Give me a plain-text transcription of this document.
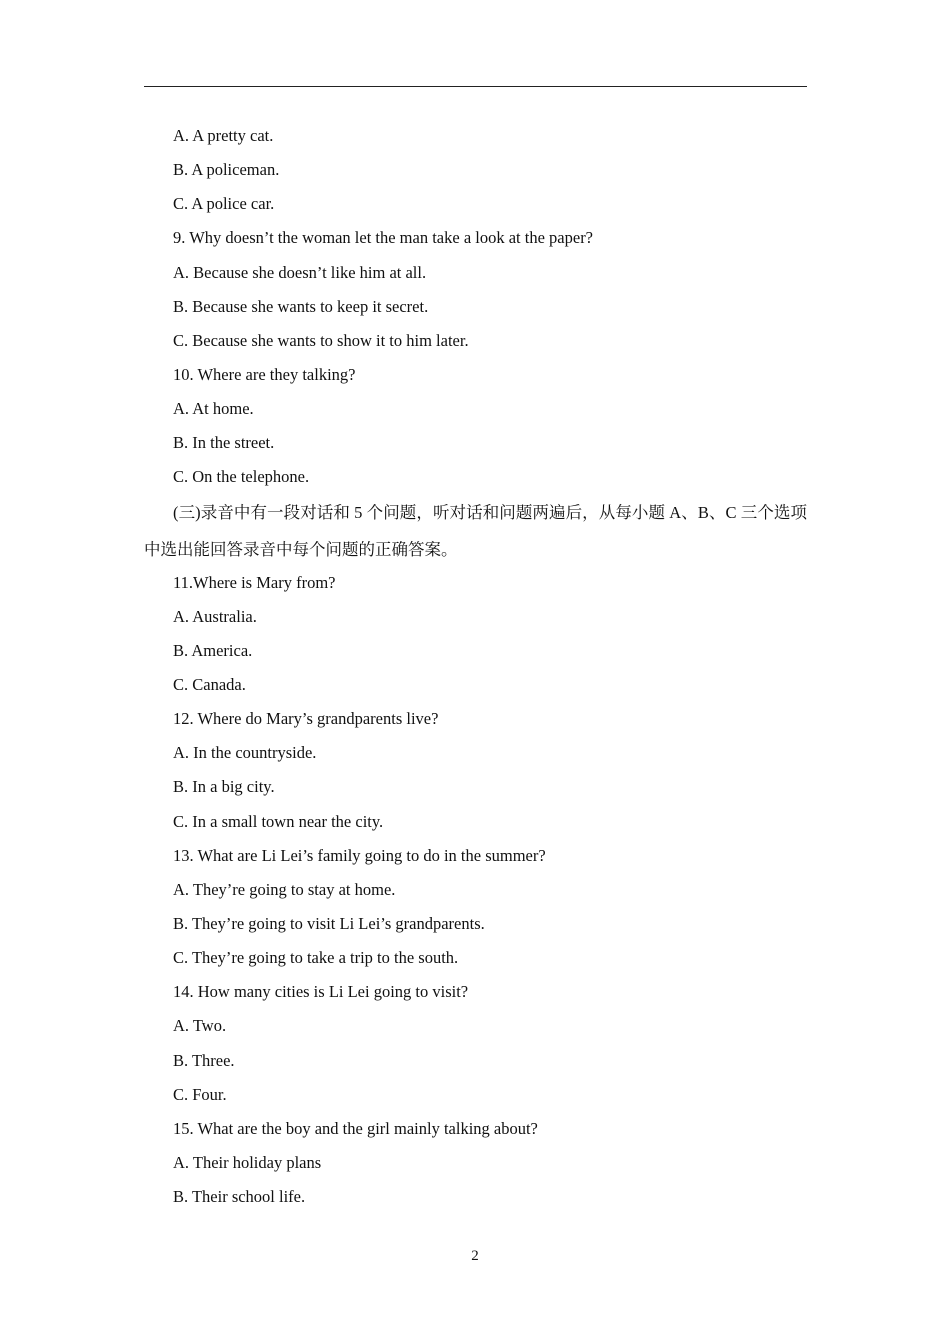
A. A pretty cat.
B. A policeman.
C. A police car.
9. Why doesn’t the woman let the man take a look at the paper?
A. Because she doesn’t like him at all.
B. Because she wants to keep it secret.
C. Because she wants to show it to him later.
10. Where are they talking?
A. At home.
B. In the street.
C. On the telephone.
(三)录音中有一段对话和 5 个问题，听对话和问题两遍后，从每小题 A、B、C 三个选项中选出能回答录音中每个问题的正确答案。
11.Where is Mary from?
A. Australia.
B. America.
C. Canada.
12. Where do Mary’s grandparents live?
A. In the countryside.
B. In a big city.
C. In a small town near the city.
13. What are Li Lei’s family going to do in the summer?
A. They’re going to stay at home.
B. They’re going to visit Li Lei’s grandparents.
C. They’re going to take a trip to the south.
14. How many cities is Li Lei going to visit?
A. Two.
B. Three.
C. Four.
15. What are the boy and the girl mainly talking about?
A. Their holiday plans
B. Their school life.
2
